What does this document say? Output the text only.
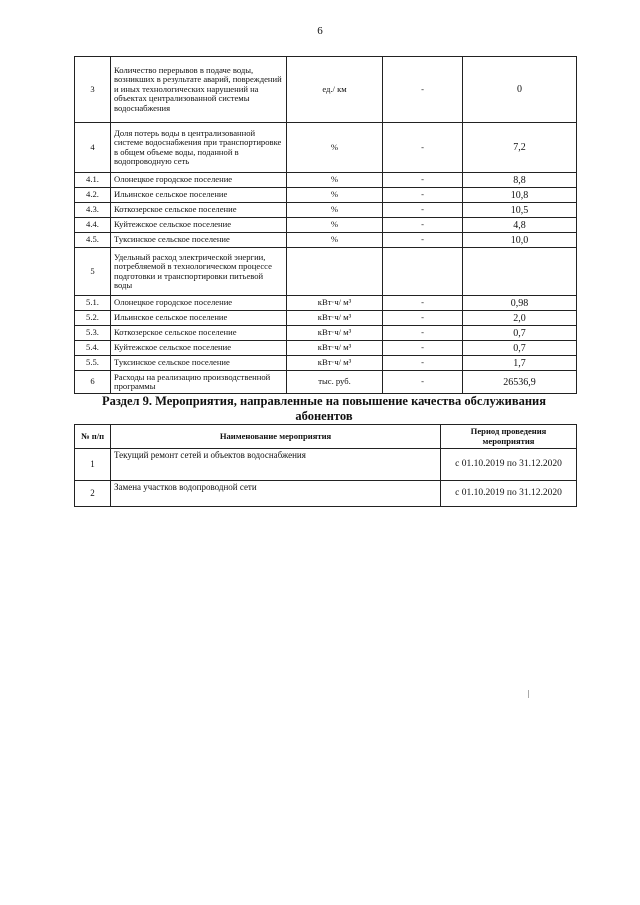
6
3	Количество перерывов в подаче воды, возникших в результате аварий, повреждений и иных технологических нарушений на объектах централизованной системы водоснабжения	ед./ км	-	0
4	Доля потерь воды в централизованной системе водоснабжения при транспортировке в общем объеме воды, поданной в водопроводную сеть	%	-	7,2
4.1.	Олонецкое городское поселение	%	-	8,8
4.2.	Ильинское сельское поселение	%	-	10,8
4.3.	Коткозерское сельское поселение	%	-	10,5
4.4.	Куйтежское сельское поселение	%	-	4,8
4.5.	Туксинское сельское поселение	%	-	10,0
5	Удельный расход электрической энергии, потребляемой в технологическом процессе подготовки и транспортировки питьевой воды			
5.1.	Олонецкое городское поселение	кВт·ч/ м³	-	0,98
5.2.	Ильинское сельское поселение	кВт·ч/ м³	-	2,0
5.3.	Коткозерское сельское поселение	кВт·ч/ м³	-	0,7
5.4.	Куйтежское сельское поселение	кВт·ч/ м³	-	0,7
5.5.	Туксинское сельское поселение	кВт·ч/ м³	-	1,7
6	Расходы на реализацию производственной программы	тыс. руб.	-	26536,9
Раздел 9. Мероприятия, направленные на повышение качества обслуживания абонентов
№ п/п	Наименование мероприятия	Период проведения мероприятия
1	Текущий ремонт сетей и объектов водоснабжения	с 01.10.2019 по 31.12.2020
2	Замена участков водопроводной сети	с 01.10.2019 по 31.12.2020
